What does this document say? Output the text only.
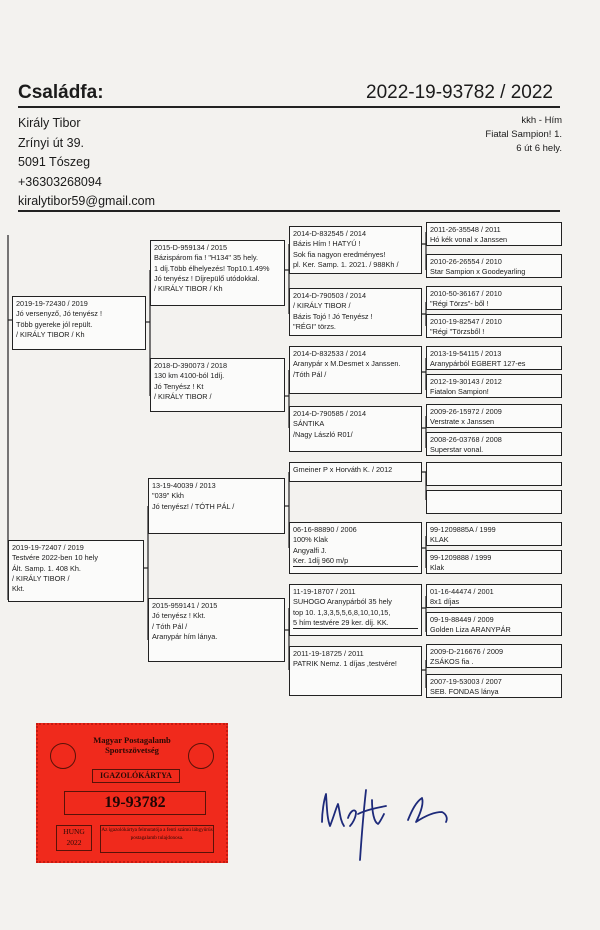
Családfa:	2022-19-93782 / 2022
Király Tibor
Zrínyi út 39.
5091 Tószeg
+36303268094
kiralytibor59@gmail.com
kkh - Hím
Fiatal Sampion! 1.
6 út 6 hely.
2019-19-72430 / 2019
Jó versenyző, Jó tenyész !
Több gyereke jól repült.
/ KIRÁLY TIBOR / Kh
2019-19-72407 / 2019
Testvére 2022-ben 10 hely
Ált. Samp. 1. 408 Kh.
/ KIRÁLY TIBOR /
Kkt.
2015-D-959134 / 2015
Bázispárom fia ! "H134" 35 hely.
1 díj.Több élhelyezés! Top10.1.49%
Jó tenyész ! Díjrepülő utódokkal.
/ KIRÁLY TIBOR / Kh
2018-D-390073 / 2018
130 km 4100-ból 1díj.
Jó Tenyész ! Kt
/ KIRÁLY TIBOR /
13-19-40039 / 2013
"039" Kkh
Jó tenyész! / TÓTH PÁL /
2015-959141 / 2015
Jó tenyész ! Kkt.
/ Tóth Pál /
Aranypár hím lánya.
2014-D-832545 / 2014
Bázis Hím ! HATYÚ !
Sok fia nagyon eredményes!
pl. Ker. Samp. 1. 2021. / 988Kh /
2014-D-790503 / 2014
/ KIRÁLY TIBOR /
Bázis Tojó ! Jó Tenyész !
"RÉGI" törzs.
2014-D-832533 / 2014
Aranypár x M.Desmet x Janssen.
/Tóth Pál /
2014-D-790585 / 2014
SÁNTIKA
/Nagy László R01/
Gmeiner P x Horváth K. / 2012
06-16-88890 / 2006
100% Klak
Angyalfi J.
Ker. 1díj 960 m/p
11-19-18707 / 2011
SUHOGO Aranypárból 35 hely
top 10. 1,3,3,5,5,6,8,10,10,15,
5 hím testvére 29 ker. díj. KK.
2011-19-18725 / 2011
PATRIK Nemz. 1 díjas ,testvére!
2011-26-35548 / 2011
Hó kék vonal x Janssen
2010-26-26554 / 2010
Star Sampion x Goodeyarling
2010-50-36167 / 2010
"Régi Törzs"- ből !
2010-19-82547 / 2010
"Régi "Törzsből !
2013-19-54115 / 2013
Aranypárból EGBERT 127-es
2012-19-30143 / 2012
Fiatalon Sampion!
2009-26-15972 / 2009
Verstrate x Janssen
2008-26-03768 / 2008
Superstar vonal.
99-1209885A / 1999
KLAK
99-1209888 / 1999
Klak
01-16-44474 / 2001
8x1 díjas
09-19-88449 / 2009
Golden Liza ARANYPÁR
2009-D-216676 / 2009
ZSÁKOS fia .
2007-19-53003 / 2007
SEB. FONDAS lánya
Magyar Postagalamb
Sportszövetség
IGAZOLÓKÁRTYA
19-93782
HUNG
2022
Az igazolókártya felmutatója a fenti számú lábgyűrűs postagalamb tulajdonosa.
